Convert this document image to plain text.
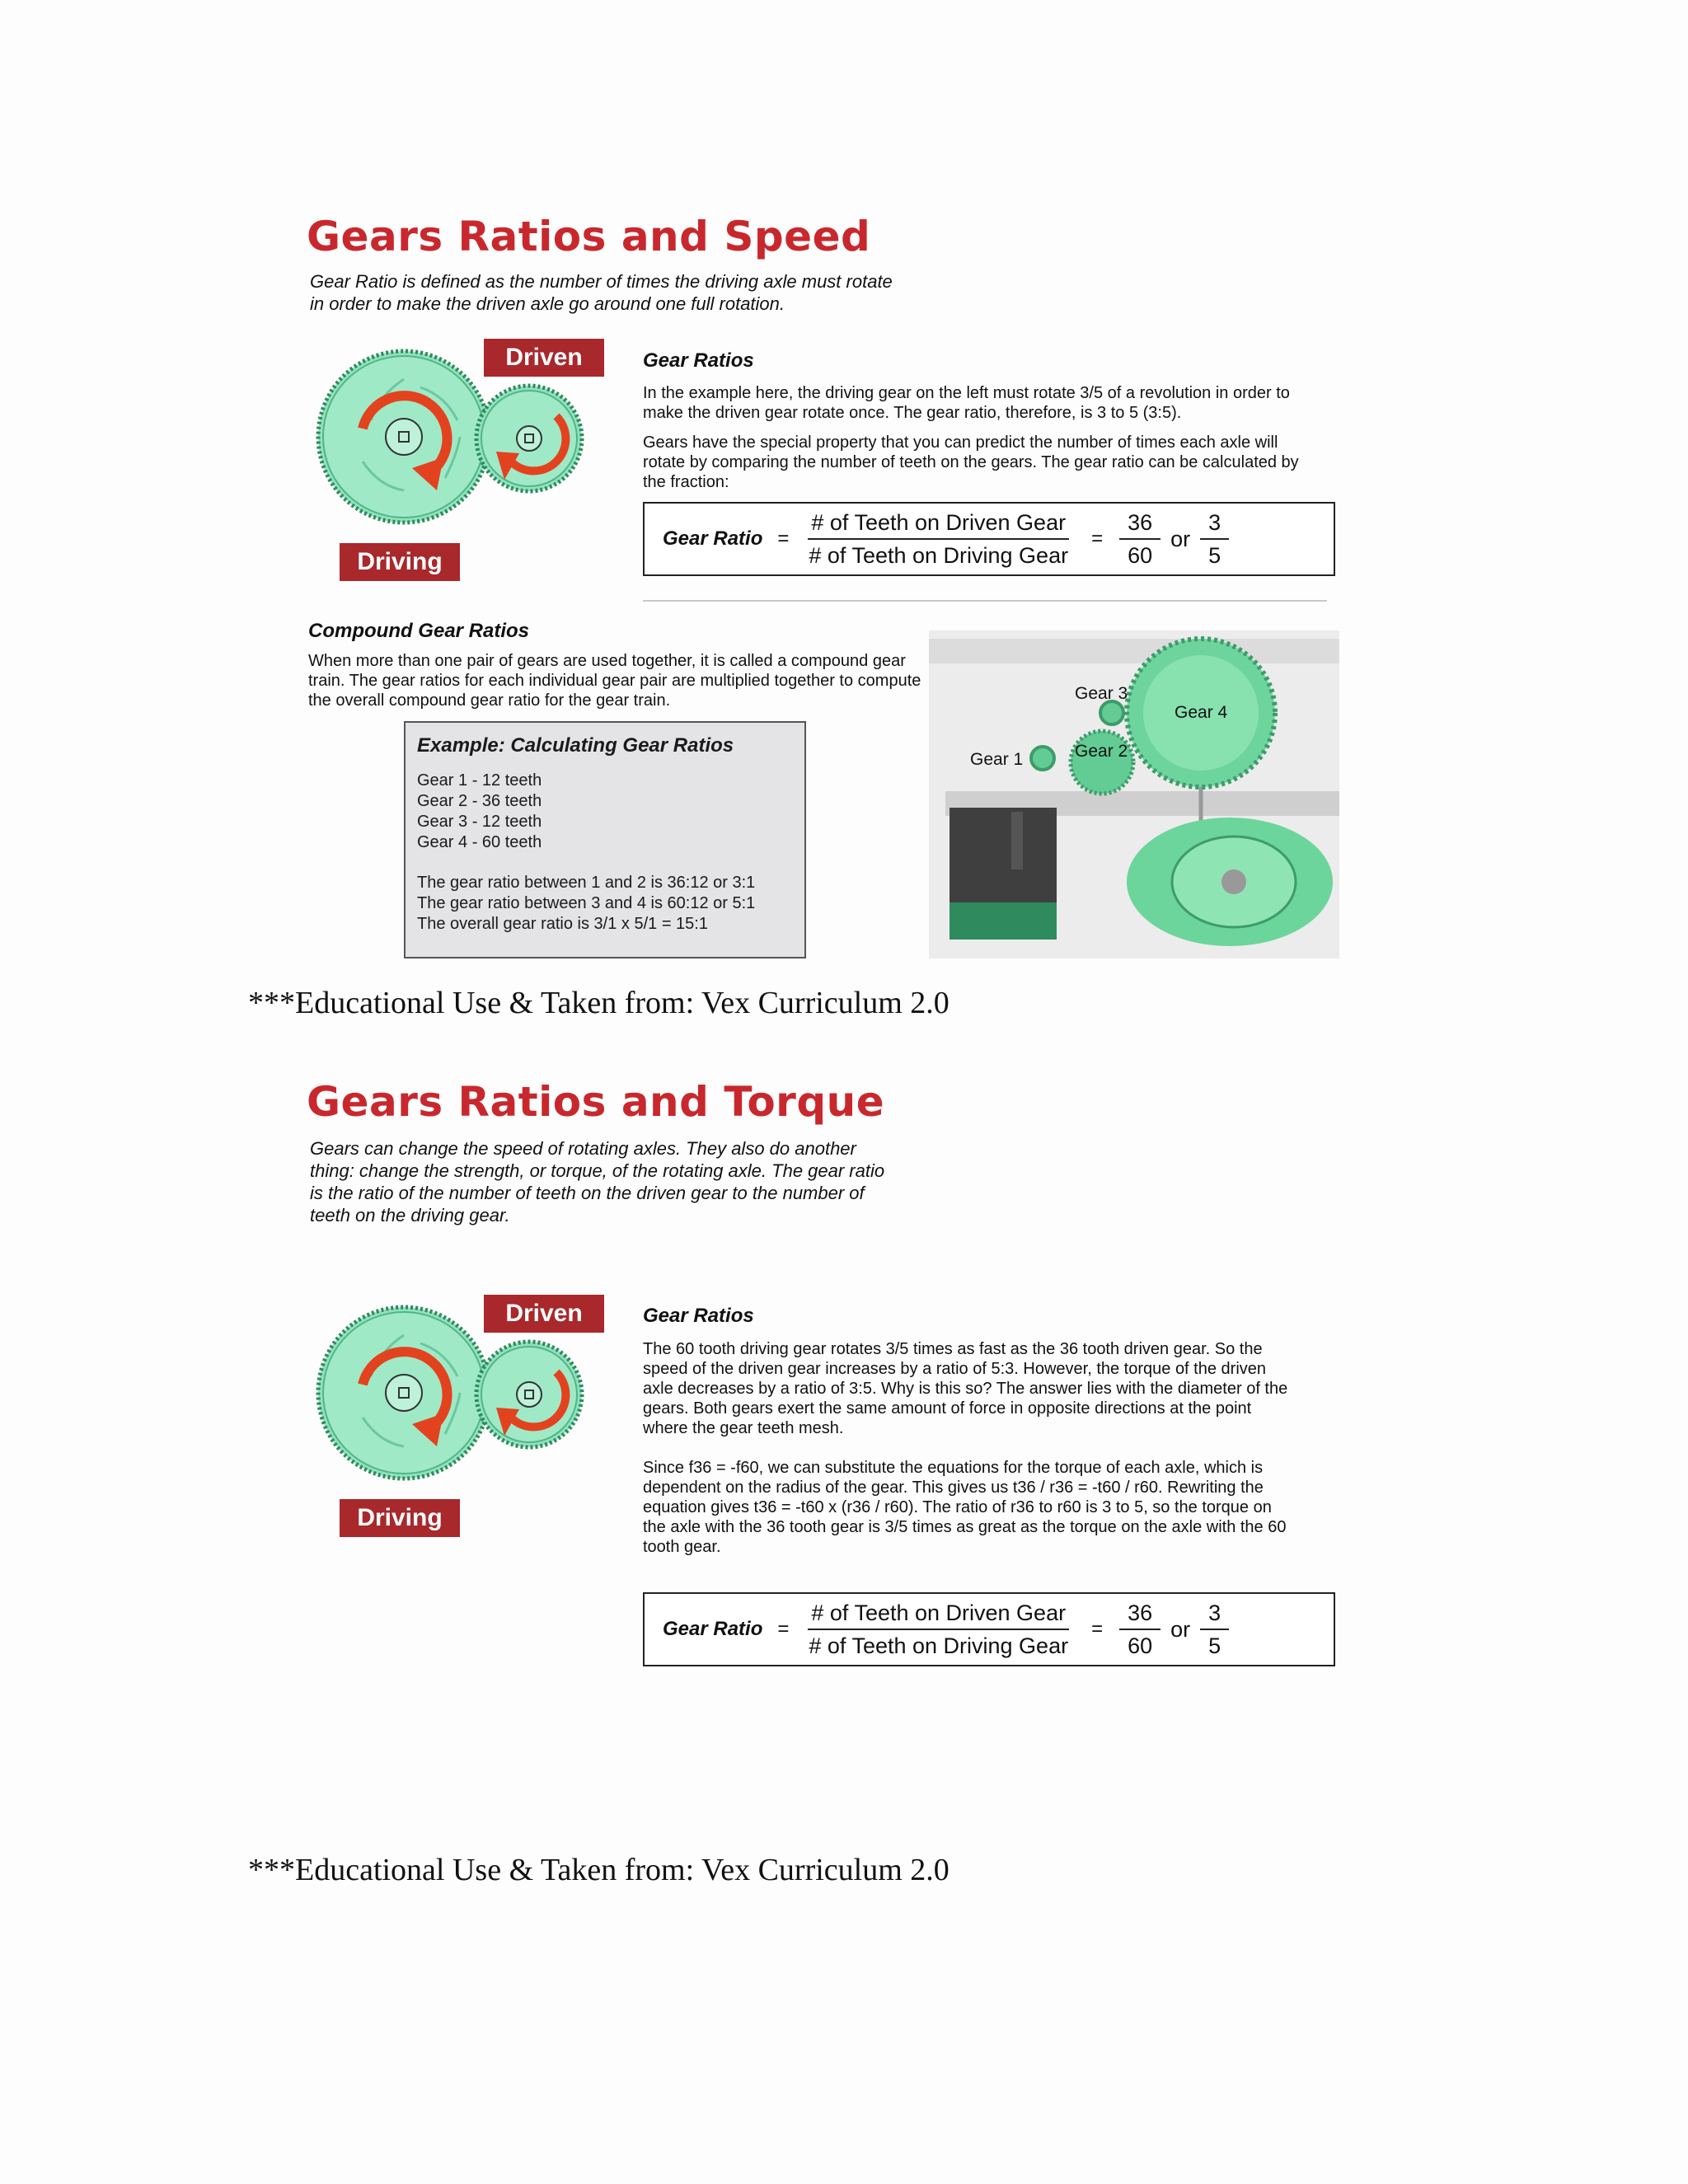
Gears Ratios and Speed
Gear Ratio is defined as the number of times the driving axle must rotate in order to make the driven axle go around one full rotation.
Driven
Driving
Gear Ratios

In the example here, the driving gear on the left must rotate 3/5 of a revolution in order to make the driven gear rotate once. The gear ratio, therefore, is 3 to 5 (3:5).

Gears have the special property that you can predict the number of times each axle will rotate by comparing the number of teeth on the gears. The gear ratio can be calculated by the fraction:

Gear Ratio = $\frac{\text{\# of Teeth on Driven Gear}}{\text{\# of Teeth on Driving Gear}} = \frac{36}{60}$ or $\frac{3}{5}$
Compound Gear Ratios
When more than one pair of gears are used together, it is called a compound gear train. The gear ratios for each individual gear pair are multiplied together to compute the overall compound gear ratio for the gear train.
Example: Calculating Gear Ratios
Gear 1 - 12 teeth
Gear 2 - 36 teeth
Gear 3 - 12 teeth
Gear 4 - 60 teeth
The gear ratio between 1 and 2 is 36:12 or 3:1
The gear ratio between 3 and 4 is 60:12 or 5:1
The overall gear ratio is 3/1 x 5/1 = 15:1
Gear 1	Gear 2
Gear 3
Gear 4
***Educational Use & Taken from: Vex Curriculum 2.0
Gears Ratios and Torque
Gears can change the speed of rotating axles. They also do another thing: change the strength, or torque, of the rotating axle. The gear ratio is the ratio of the number of teeth on the driven gear to the number of teeth on the driving gear.
Driven
Driving
Gear Ratios

The 60 tooth driving gear rotates 3/5 times as fast as the 36 tooth driven gear. So the speed of the driven gear increases by a ratio of 5:3. However, the torque of the driven axle decreases by a ratio of 3:5. Why is this so? The answer lies with the diameter of the gears. Both gears exert the same amount of force in opposite directions at the point where the gear teeth mesh.

Since f36 = -f60, we can substitute the equations for the torque of each axle, which is dependent on the radius of the gear. This gives us t36 / r36 = -t60 / r60. Rewriting the equation gives t36 = -t60 x (r36 / r60). The ratio of r36 to r60 is 3 to 5, so the torque on the axle with the 36 tooth gear is 3/5 times as great as the torque on the axle with the 60 tooth gear.

Gear Ratio = $\frac{\text{\# of Teeth on Driven Gear}}{\text{\# of Teeth on Driving Gear}} = \frac{36}{60}$ or $\frac{3}{5}$
***Educational Use & Taken from: Vex Curriculum 2.0
